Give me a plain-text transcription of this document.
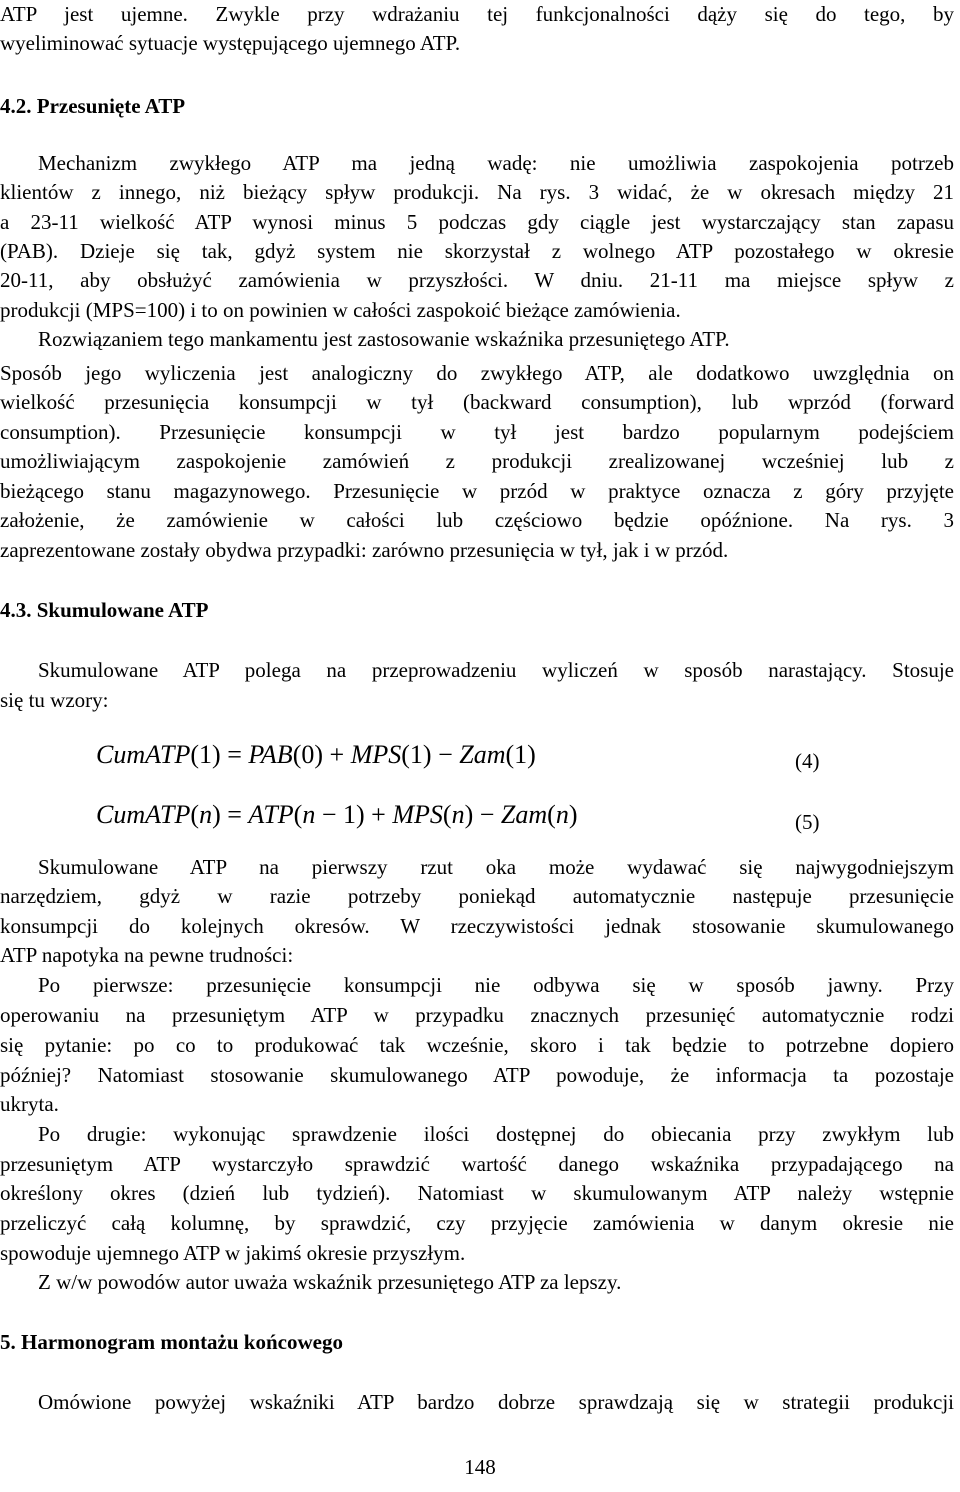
ATP jest ujemne. Zwykle przy wdrażaniu tej funkcjonalności dąży się do tego, by
wyeliminować sytuacje występującego ujemnego ATP.
4.2. Przesunięte ATP
Mechanizm zwykłego ATP ma jedną wadę: nie umożliwia zaspokojenia potrzeb
klientów z innego, niż bieżący spływ produkcji. Na rys. 3 widać, że w okresach między 21
a 23-11 wielkość ATP wynosi minus 5 podczas gdy ciągle jest wystarczający stan zapasu
(PAB). Dzieje się tak, gdyż system nie skorzystał z wolnego ATP pozostałego w okresie
20-11, aby obsłużyć zamówienia w przyszłości. W dniu. 21-11 ma miejsce spływ z
produkcji (MPS=100) i to on powinien w całości zaspokoić bieżące zamówienia.
Rozwiązaniem tego mankamentu jest zastosowanie wskaźnika przesuniętego ATP.
Sposób jego wyliczenia jest analogiczny do zwykłego ATP, ale dodatkowo uwzględnia on
wielkość przesunięcia konsumpcji w tył (backward consumption), lub wprzód (forward
consumption). Przesunięcie konsumpcji w tył jest bardzo popularnym podejściem
umożliwiającym zaspokojenie zamówień z produkcji zrealizowanej wcześniej lub z
bieżącego stanu magazynowego. Przesunięcie w przód w praktyce oznacza z góry przyjęte
założenie, że zamówienie w całości lub częściowo będzie opóźnione. Na rys. 3
zaprezentowane zostały obydwa przypadki: zarówno przesunięcia w tył, jak i w przód.
4.3. Skumulowane ATP
Skumulowane ATP polega na przeprowadzeniu wyliczeń w sposób narastający. Stosuje
się tu wzory:
CumATP(1) = PAB(0) + MPS(1) − Zam(1)	(4)
CumATP(n) = ATP(n − 1) + MPS(n) − Zam(n)	(5)
Skumulowane ATP na pierwszy rzut oka może wydawać się najwygodniejszym
narzędziem, gdyż w razie potrzeby poniekąd automatycznie następuje przesunięcie
konsumpcji do kolejnych okresów. W rzeczywistości jednak stosowanie skumulowanego
ATP napotyka na pewne trudności:
Po pierwsze: przesunięcie konsumpcji nie odbywa się w sposób jawny. Przy
operowaniu na przesuniętym ATP w przypadku znacznych przesunięć automatycznie rodzi
się pytanie: po co to produkować tak wcześnie, skoro i tak będzie to potrzebne dopiero
później? Natomiast stosowanie skumulowanego ATP powoduje, że informacja ta pozostaje
ukryta.
Po drugie: wykonując sprawdzenie ilości dostępnej do obiecania przy zwykłym lub
przesuniętym ATP wystarczyło sprawdzić wartość danego wskaźnika przypadającego na
określony okres (dzień lub tydzień). Natomiast w skumulowanym ATP należy wstępnie
przeliczyć całą kolumnę, by sprawdzić, czy przyjęcie zamówienia w danym okresie nie
spowoduje ujemnego ATP w jakimś okresie przyszłym.
Z w/w powodów autor uważa wskaźnik przesuniętego ATP za lepszy.
5. Harmonogram montażu końcowego
Omówione powyżej wskaźniki ATP bardzo dobrze sprawdzają się w strategii produkcji
148
